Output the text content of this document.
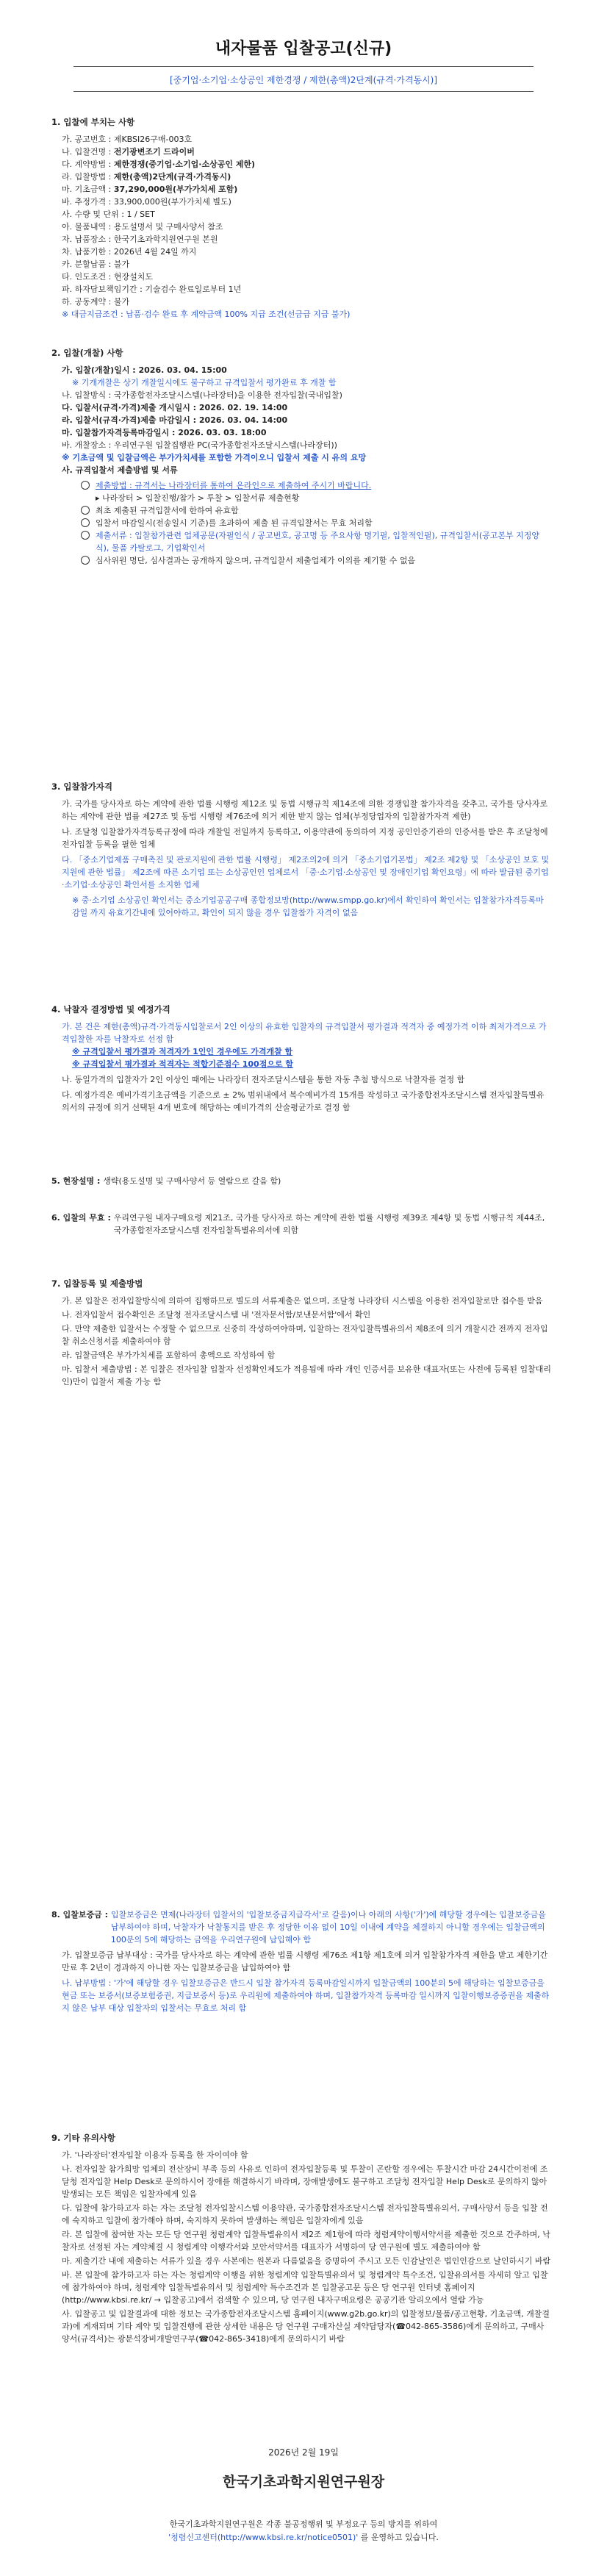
내자물품 입찰공고(신규)
[중기업·소기업·소상공인 제한경쟁 / 제한(총액)2단계(규격·가격동시)]
1. 입찰에 부치는 사항
가. 공고번호 : 제KBSI26구매-003호
나. 입찰건명 : 전기광변조기 드라이버
다. 계약방법 : 제한경쟁(중기업·소기업·소상공인 제한)
라. 입찰방법 : 제한(총액)2단계(규격·가격동시)
마. 기초금액 : 37,290,000원(부가가치세 포함)
바. 추정가격 : 33,900,000원(부가가치세 별도)
사. 수량 및 단위 : 1 / SET
아. 물품내역 : 용도설명서 및 구매사양서 참조
자. 납품장소 : 한국기초과학지원연구원 본원
차. 납품기한 : 2026년 4월 24일 까지
카. 분할납품 : 불가
타. 인도조건 : 현장설치도
파. 하자담보책임기간 : 기술검수 완료일로부터 1년
하. 공동계약 : 불가

※ 대금지급조건 : 납품·검수 완료 후 계약금액 100% 지급 조건(선금급 지급 불가)

2. 입찰(개찰) 사항

가. 입찰(개찰)일시 : 2026. 03. 04. 15:00

※ 기개개찰은 상기 개찰일시에도 불구하고 규격입찰서 평가완료 후 개찰 함

나. 입찰방식 : 국가종합전자조달시스템(나라장터)을 이용한 전자입찰(국내입찰)

다. 입찰서(규격·가격)제출 개시일시 : 2026. 02. 19. 14:00

라. 입찰서(규격·가격)제출 마감일시 : 2026. 03. 04. 14:00

마. 입찰참가자격등록마감일시 : 2026. 03. 03. 18:00

바. 개찰장소 : 우리연구원 입찰집행관 PC(국가종합전자조달시스템(나라장터))

※ 기초금액 및 입찰금액은 부가가치세를 포함한 가격이오니 입찰서 제출 시 유의 요망

사. 규격입찰서 제출방법 및 서류

제출방법 : 규격서는 나라장터를 통하여 온라인으로 제출하여 주시기 바랍니다.
▸ 나라장터 > 입찰진행/참가 > 투찰 > 입찰서류 제출현황
최초 제출된 규격입찰서에 한하여 유효함
입찰서 마감일시(전송일시 기준)를 초과하여 제출 된 규격입찰서는 무효 처리함
제출서류 : 입찰참가관련 업체공문(자필인식 / 공고번호, 공고명 등 주요사항 명기필, 입찰적인필), 규격입찰서(공고본부 지정양식), 물품 카탈로그, 기업확인서
심사위원 명단, 심사결과는 공개하지 않으며, 규격입찰서 제출업체가 이의를 제기할 수 없음
3. 입찰참가자격

가. 국가를 당사자로 하는 계약에 관한 법률 시행령 제12조 및 동법 시행규칙 제14조에 의한 경쟁입찰 참가자격을 갖추고, 국가를 당사자로 하는 계약에 관한 법률 제27조 및 동법 시행령 제76조에 의거 제한 받지 않는 업체(부정당업자의 입찰참가자격 제한)

나. 조달청 입찰참가자격등록규정에 따라 개찰일 전일까지 등록하고, 이용약관에 동의하여 지정 공인인증기관의 인증서를 받은 후 조달청에 전자입찰 등록을 필한 업체

다. 「중소기업제품 구매촉진 및 판로지원에 관한 법률 시행령」 제2조의2에 의거 「중소기업기본법」 제2조 제2항 및 「소상공인 보호 및 지원에 관한 법률」 제2조에 따른 소기업 또는 소상공인인 업체로서 「중·소기업·소상공인 및 장애인기업 확인요령」에 따라 발급된 중기업·소기업·소상공인 확인서를 소지한 업체

※ 중·소기업 소상공인 확인서는 중소기업공공구매 종합정보망(http://www.smpp.go.kr)에서 확인하여 확인서는 입찰참가자격등록마감일 까지 유효기간내에 있어야하고, 확인이 되지 않을 경우 입찰참가 자격이 없음

4. 낙찰자 결정방법 및 예정가격

가. 본 건은 제한(총액)규격·가격동시입찰로서 2인 이상의 유효한 입찰자의 규격입찰서 평가결과 적격자 중 예정가격 이하 최저가격으로 가격입찰한 자를 낙찰자로 선정 함

※ 규격입찰서 평가결과 적격자가 1인인 경우에도 가격개찰 함

※ 규격입찰서 평가결과 적격자는 적합기준점수 100점으로 함

나. 동일가격의 입찰자가 2인 이상인 때에는 나라장터 전자조달시스템을 통한 자동 추첨 방식으로 낙찰자를 결정 함

다. 예정가격은 예비가격기초금액을 기준으로 ± 2% 범위내에서 복수예비가격 15개를 작성하고 국가종합전자조달시스템 전자입찰특별유의서의 규정에 의거 선택된 4개 번호에 해당하는 예비가격의 산술평균가로 결정 함

5. 현장설명 : 생략(용도설명 및 구매사양서 등 열람으로 갈음 함)
6. 입찰의 무효 : 우리연구원 내자구매요령 제21조, 국가를 당사자로 하는 계약에 관한 법률 시행령 제39조 제4항 및 동법 시행규칙 제44조, 국가종합전자조달시스템 전자입찰특별유의서에 의함
7. 입찰등록 및 제출방법

가. 본 입찰은 전자입찰방식에 의하여 집행하므로 별도의 서류제출은 없으며, 조달청 나라장터 시스템을 이용한 전자입찰로만 접수를 받음

나. 전자입찰서 접수확인은 조달청 전자조달시스템 내 '전자문서함/보낸문서함'에서 확인

다. 만약 제출한 입찰서는 수정할 수 없으므로 신중히 작성하여야하며, 입찰하는 전자입찰특별유의서 제8조에 의거 개찰시간 전까지 전자입찰 취소신청서를 제출하여야 함

라. 입찰금액은 부가가치세를 포함하여 총액으로 작성하여 함

마. 입찰서 제출방법 : 본 입찰은 전자입찰 입찰자 선정확인제도가 적용됨에 따라 개인 인증서를 보유한 대표자(또는 사전에 등록된 입찰대리인)만이 입찰서 제출 가능 함

8. 입찰보증금 : 입찰보증금은 면제(나라장터 입찰서의 '입찰보증금지급각서'로 갈음)이나 아래의 사항('가')에 해당할 경우에는 입찰보증금을 납부하여야 하며, 낙찰자가 낙찰통지를 받은 후 정당한 이유 없이 10일 이내에 계약을 체결하지 아니할 경우에는 입찰금액의 100분의 5에 해당하는 금액을 우리연구원에 납입해야 함

가. 입찰보증금 납부대상 : 국가를 당사자로 하는 계약에 관한 법률 시행령 제76조 제1항 제1호에 의거 입찰참가자격 제한을 받고 제한기간 만료 후 2년이 경과하지 아니한 자는 입찰보증금을 납입하여야 함

나. 납부방법 : '가'에 해당할 경우 입찰보증금은 반드시 입찰 참가자격 등록마감일시까지 입찰금액의 100분의 5에 해당하는 입찰보증금을 현금 또는 보증서(보증보험증권, 지급보증서 등)로 우리원에 제출하여야 하며, 입찰참가자격 등록마감 일시까지 입찰이행보증증권을 제출하지 않은 납부 대상 입찰자의 입찰서는 무효로 처리 함

9. 기타 유의사항

가. '나라장터'전자입찰 이용자 등록을 한 자이여야 함

나. 전자입찰 참가희망 업체의 전산장비 부족 등의 사유로 인하여 전자입찰등록 및 투찰이 곤란할 경우에는 투찰시간 마감 24시간이전에 조달청 전자입찰 Help Desk로 문의하시어 장애를 해결하시기 바라며, 장애발생에도 불구하고 조달청 전자입찰 Help Desk로 문의하지 않아 발생되는 모든 책임은 입찰자에게 있음

다. 입찰에 참가하고자 하는 자는 조달청 전자입찰시스템 이용약관, 국가종합전자조달시스템 전자입찰특별유의서, 구매사양서 등을 입찰 전에 숙지하고 입찰에 참가해야 하며, 숙지하지 못하여 발생하는 책임은 입찰자에게 있음

라. 본 입찰에 참여한 자는 모든 당 연구원 청렴계약 입찰특별유의서 제2조 제1항에 따라 청렴계약이행서약서를 제출한 것으로 간주하며, 낙찰자로 선정된 자는 계약체결 시 청렴계약 이행각서와 보안서약서를 대표자가 서명하여 당 연구원에 별도 제출하여야 함

마. 제출기간 내에 제출하는 서류가 있을 경우 사본에는 원본과 다름없음을 증명하여 주시고 모든 인감날인은 법인인감으로 날인하시기 바람

바. 본 입찰에 참가하고자 하는 자는 청렴계약 이행을 위한 청렴계약 입찰특별유의서 및 청렴계약 특수조건, 입찰유의서를 자세히 알고 입찰에 참가하여야 하며, 청렴계약 입찰특별유의서 및 청렴계약 특수조건과 본 입찰공고문 등은 당 연구원 인터넷 홈페이지(http://www.kbsi.re.kr/ → 입찰공고)에서 검색할 수 있으며, 당 연구원 내자구매요령은 공공기관 알리오에서 열람 가능

사. 입찰공고 및 입찰결과에 대한 정보는 국가종합전자조달시스템 홈페이지(www.g2b.go.kr)의 입찰정보/물품/공고현황, 기초금액, 개찰결과)에 게재되며 기타 계약 및 입찰진행에 관한 상세한 내용은 당 연구원 구매자산실 계약담당자(☎042-865-3586)에게 문의하고, 구매사양서(규격서)는 광분석장비개발연구부(☎042-865-3418)에게 문의하시기 바람

2026년 2월 19일
한국기초과학지원연구원장
한국기초과학지원연구원은 각종 불공정행위 및 부정요구 등의 방지를 위하여
'청렴신고센터(http://www.kbsi.re.kr/notice0501)' 를 운영하고 있습니다.
